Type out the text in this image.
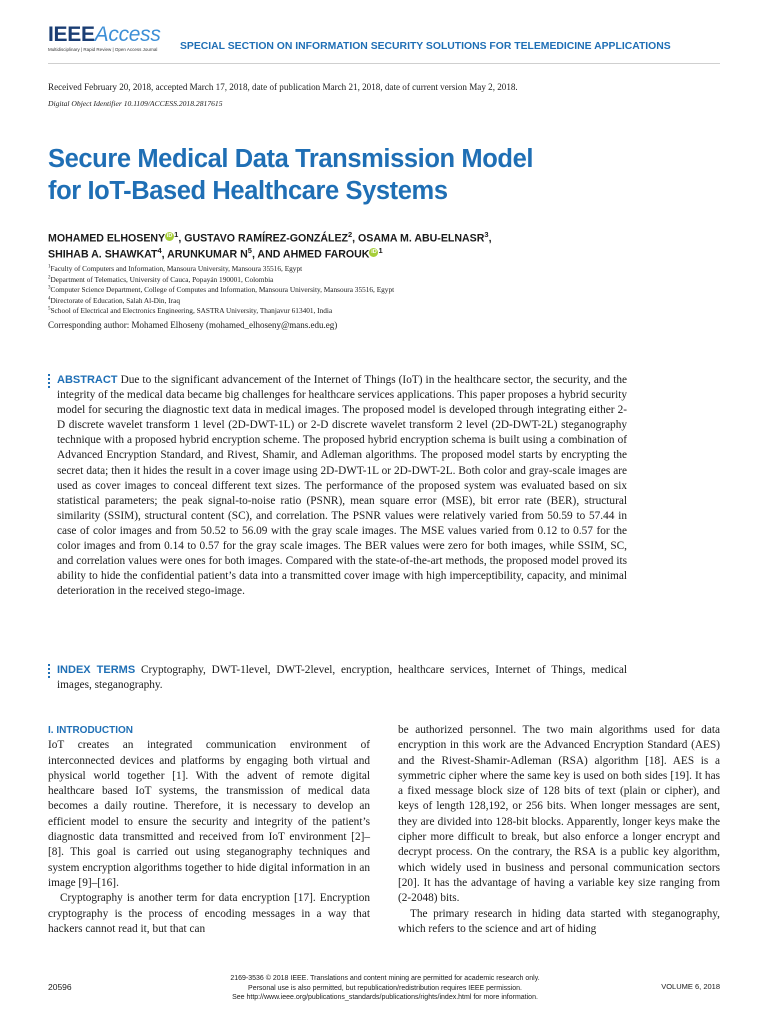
IEEEAccess
Multidisciplinary | Rapid Review | Open Access Journal	SPECIAL SECTION ON INFORMATION SECURITY SOLUTIONS FOR TELEMEDICINE APPLICATIONS
Received February 20, 2018, accepted March 17, 2018, date of publication March 21, 2018, date of current version May 2, 2018.
Digital Object Identifier 10.1109/ACCESS.2018.2817615
Secure Medical Data Transmission Model
for IoT-Based Healthcare Systems
MOHAMED ELHOSENY iD $^1$, GUSTAVO RAMÍREZ-GONZÁLEZ$^2$, OSAMA M. ABU-ELNASR$^3$,
SHIHAB A. SHAWKAT$^4$, ARUNKUMAR $N^5$, AND AHMED FAROUK iD $^1$
$^1$Faculty of Computers and Information, Mansoura University, Mansoura 35516, Egypt
$^2$Department of Telematics, University of Cauca, Popayán 190001, Colombia
$^3$Computer Science Department, College of Computes and Information, Mansoura University, Mansoura 35516, Egypt
$^4$Directorate of Education, Salah Al-Din, Iraq
$^5$School of Electrical and Electronics Engineering, SASTRA University, Thanjavur 613401, India
Corresponding author: Mohamed Elhoseny (mohamed_elhoseny@mans.edu.eg)
ABSTRACT Due to the significant advancement of the Internet of Things (IoT) in the healthcare sector, the security, and the integrity of the medical data became big challenges for healthcare services applications. This paper proposes a hybrid security model for securing the diagnostic text data in medical images. The proposed model is developed through integrating either 2-D discrete wavelet transform 1 level (2D-DWT-1L) or 2-D discrete wavelet transform 2 level (2D-DWT-2L) steganography technique with a proposed hybrid encryption scheme. The proposed hybrid encryption schema is built using a combination of Advanced Encryption Standard, and Rivest, Shamir, and Adleman algorithms. The proposed model starts by encrypting the secret data; then it hides the result in a cover image using 2D-DWT-1L or 2D-DWT-2L. Both color and gray-scale images are used as cover images to conceal different text sizes. The performance of the proposed system was evaluated based on six statistical parameters; the peak signal-to-noise ratio (PSNR), mean square error (MSE), bit error rate (BER), structural similarity (SSIM), structural content (SC), and correlation. The PSNR values were relatively varied from 50.59 to 57.44 in case of color images and from 50.52 to 56.09 with the gray scale images. The MSE values varied from 0.12 to 0.57 for the color images and from 0.14 to 0.57 for the gray scale images. The BER values were zero for both images, while SSIM, SC, and correlation values were ones for both images. Compared with the state-of-the-art methods, the proposed model proved its ability to hide the confidential patient’s data into a transmitted cover image with high imperceptibility, capacity, and minimal deterioration in the received stego-image.
INDEX TERMS Cryptography, DWT-1level, DWT-2level, encryption, healthcare services, Internet of Things, medical images, steganography.
I. INTRODUCTION
IoT creates an integrated communication environment of interconnected devices and platforms by engaging both virtual and physical world together [1]. With the advent of remote digital healthcare based IoT systems, the transmission of medical data becomes a daily routine. Therefore, it is necessary to develop an efficient model to ensure the security and integrity of the patient’s diagnostic data transmitted and received from IoT environment [2]–[8]. This goal is carried out using steganography techniques and system encryption algorithms together to hide digital information in an image [9]–[16].
Cryptography is another term for data encryption [17]. Encryption cryptography is the process of encoding messages in a way that hackers cannot read it, but that can
be authorized personnel. The two main algorithms used for data encryption in this work are the Advanced Encryption Standard (AES) and the Rivest-Shamir-Adleman (RSA) algorithm [18]. AES is a symmetric cipher where the same key is used on both sides [19]. It has a fixed message block size of 128 bits of text (plain or cipher), and keys of length 128,192, or 256 bits. When longer messages are sent, they are divided into 128-bit blocks. Apparently, longer keys make the cipher more difficult to break, but also enforce a longer encrypt and decrypt process. On the contrary, the RSA is a public key algorithm, which widely used in business and personal communication sectors [20]. It has the advantage of having a variable key size ranging from (2-2048) bits.
The primary research in hiding data started with steganography, which refers to the science and art of hiding
20596
2169-3536 © 2018 IEEE. Translations and content mining are permitted for academic research only.
Personal use is also permitted, but republication/redistribution requires IEEE permission.
See http://www.ieee.org/publications_standards/publications/rights/index.html for more information.
VOLUME 6, 2018
